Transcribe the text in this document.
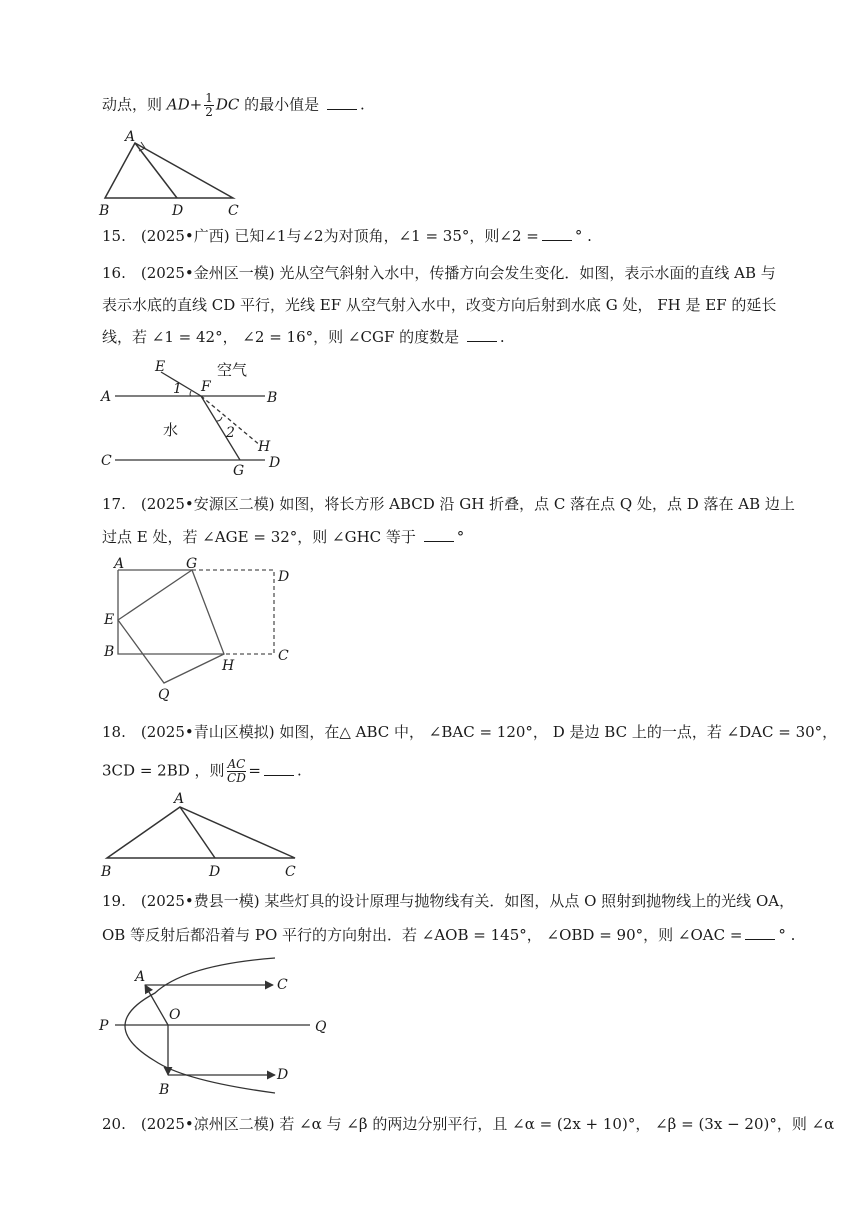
动点，则 $AD+ \frac{1}{2}$ DC 的最小值是	.
A
B	D	C
15.　(2025•广西) 已知∠1与∠2为对顶角，∠1 = 35°，则∠2 = ° .
16.　(2025•金州区一模) 光从空气斜射入水中，传播方向会发生变化．如图，表示水面的直线 AB 与
表示水底的直线 CD 平行，光线 EF 从空气射入水中，改变方向后射到水底 G 处， FH 是 EF 的延长
线，若 ∠1 = 42°， ∠2 = 16°，则 ∠CGF 的度数是	.
E
1 F
空气
A	B
水	2
H
C
G D
17.　(2025•安源区二模) 如图，将长方形 ABCD 沿 GH 折叠，点 C 落在点 Q 处，点 D 落在 AB 边上
过点 E 处，若 ∠AGE = 32°，则 ∠GHC 等于	°
A	G
D
E
B
H
C
Q
18.　(2025•青山区模拟) 如图，在△ ABC 中， ∠BAC = 120°， D 是边 BC 上的一点，若 ∠DAC = 30°，
3CD = 2BD ，则 $\frac{AC}{CD}$ = .
A
B	D	C
19.　(2025•费县一模) 某些灯具的设计原理与抛物线有关．如图，从点 O 照射到抛物线上的光线 OA，
OB 等反射后都沿着与 PO 平行的方向射出．若 ∠AOB = 145°， ∠OBD = 90°，则 ∠OAC = ° .
A	C
P
O
Q
B
D
20.　(2025•凉州区二模) 若 ∠α 与 ∠β 的两边分别平行，且 ∠α = (2x + 10)°， ∠β = (3x − 20)°，则 ∠α
